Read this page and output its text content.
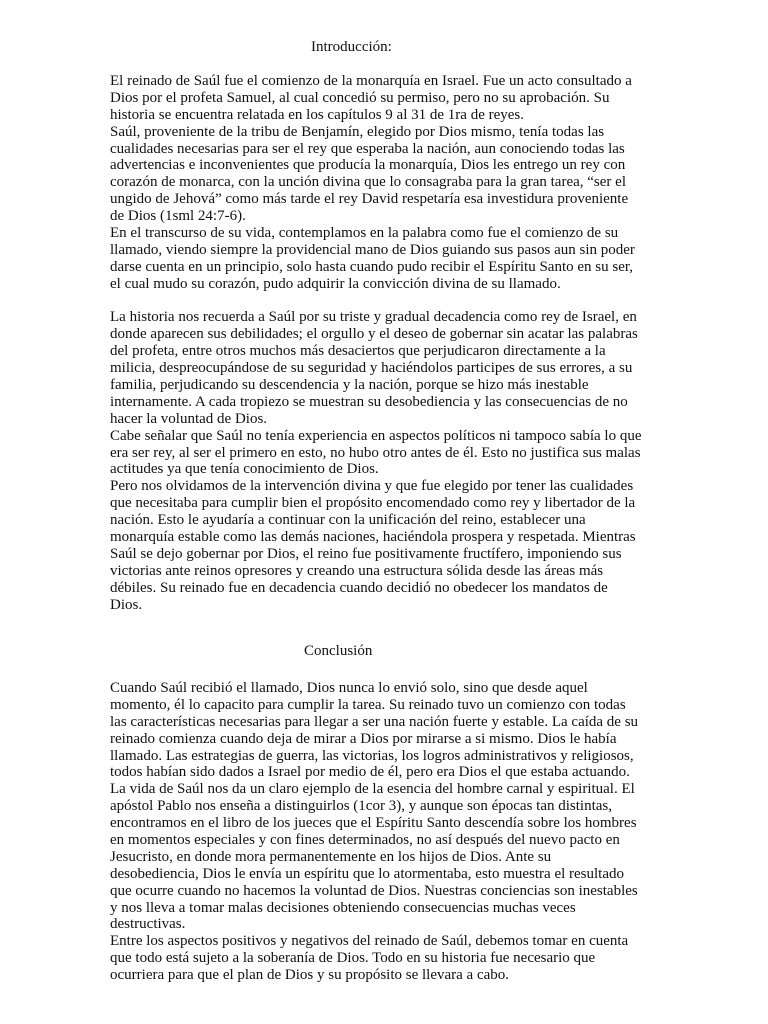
Introducción:
El reinado de Saúl fue el comienzo de la monarquía en Israel. Fue un acto consultado a
Dios por el profeta Samuel, al cual concedió su permiso, pero no su aprobación. Su
historia se encuentra relatada en los capítulos 9 al 31 de 1ra de reyes.
Saúl, proveniente de la tribu de Benjamín, elegido por Dios mismo, tenía todas las
cualidades necesarias para ser el rey que esperaba la nación, aun conociendo todas las
advertencias e inconvenientes que producía la monarquía, Dios les entrego un rey con
corazón de monarca, con la unción divina que lo consagraba para la gran tarea, “ser el
ungido de Jehová” como más tarde el rey David respetaría esa investidura proveniente
de Dios (1sml 24:7-6).
En el transcurso de su vida, contemplamos en la palabra como fue el comienzo de su
llamado, viendo siempre la providencial mano de Dios guiando sus pasos aun sin poder
darse cuenta en un principio, solo hasta cuando pudo recibir el Espíritu Santo en su ser,
el cual mudo su corazón, pudo adquirir la convicción divina de su llamado.
La historia nos recuerda a Saúl por su triste y gradual decadencia como rey de Israel, en
donde aparecen sus debilidades; el orgullo y el deseo de gobernar sin acatar las palabras
del profeta, entre otros muchos más desaciertos que perjudicaron directamente a la
milicia, despreocupándose de su seguridad y haciéndolos participes de sus errores, a su
familia, perjudicando su descendencia y la nación, porque se hizo más inestable
internamente. A cada tropiezo se muestran su desobediencia y las consecuencias de no
hacer la voluntad de Dios.
Cabe señalar que Saúl no tenía experiencia en aspectos políticos ni tampoco sabía lo que
era ser rey, al ser el primero en esto, no hubo otro antes de él. Esto no justifica sus malas
actitudes ya que tenía conocimiento de Dios.
Pero nos olvidamos de la intervención divina y que fue elegido por tener las cualidades
que necesitaba para cumplir bien el propósito encomendado como rey y libertador de la
nación. Esto le ayudaría a continuar con la unificación del reino, establecer una
monarquía estable como las demás naciones, haciéndola prospera y respetada. Mientras
Saúl se dejo gobernar por Dios, el reino fue positivamente fructífero, imponiendo sus
victorias ante reinos opresores y creando una estructura sólida desde las áreas más
débiles. Su reinado fue en decadencia cuando decidió no obedecer los mandatos de
Dios.
Conclusión
Cuando Saúl recibió el llamado, Dios nunca lo envió solo, sino que desde aquel
momento, él lo capacito para cumplir la tarea. Su reinado tuvo un comienzo con todas
las características necesarias para llegar a ser una nación fuerte y estable. La caída de su
reinado comienza cuando deja de mirar a Dios por mirarse a si mismo. Dios le había
llamado. Las estrategias de guerra, las victorias, los logros administrativos y religiosos,
todos habían sido dados a Israel por medio de él, pero era Dios el que estaba actuando.
La vida de Saúl nos da un claro ejemplo de la esencia del hombre carnal y espiritual. El
apóstol Pablo nos enseña a distinguirlos (1cor 3), y aunque son épocas tan distintas,
encontramos en el libro de los jueces que el Espíritu Santo descendía sobre los hombres
en momentos especiales y con fines determinados, no así después del nuevo pacto en
Jesucristo, en donde mora permanentemente en los hijos de Dios. Ante su
desobediencia, Dios le envía un espíritu que lo atormentaba, esto muestra el resultado
que ocurre cuando no hacemos la voluntad de Dios. Nuestras conciencias son inestables
y nos lleva a tomar malas decisiones obteniendo consecuencias muchas veces
destructivas.
Entre los aspectos positivos y negativos del reinado de Saúl, debemos tomar en cuenta
que todo está sujeto a la soberanía de Dios. Todo en su historia fue necesario que
ocurriera para que el plan de Dios y su propósito se llevara a cabo.
